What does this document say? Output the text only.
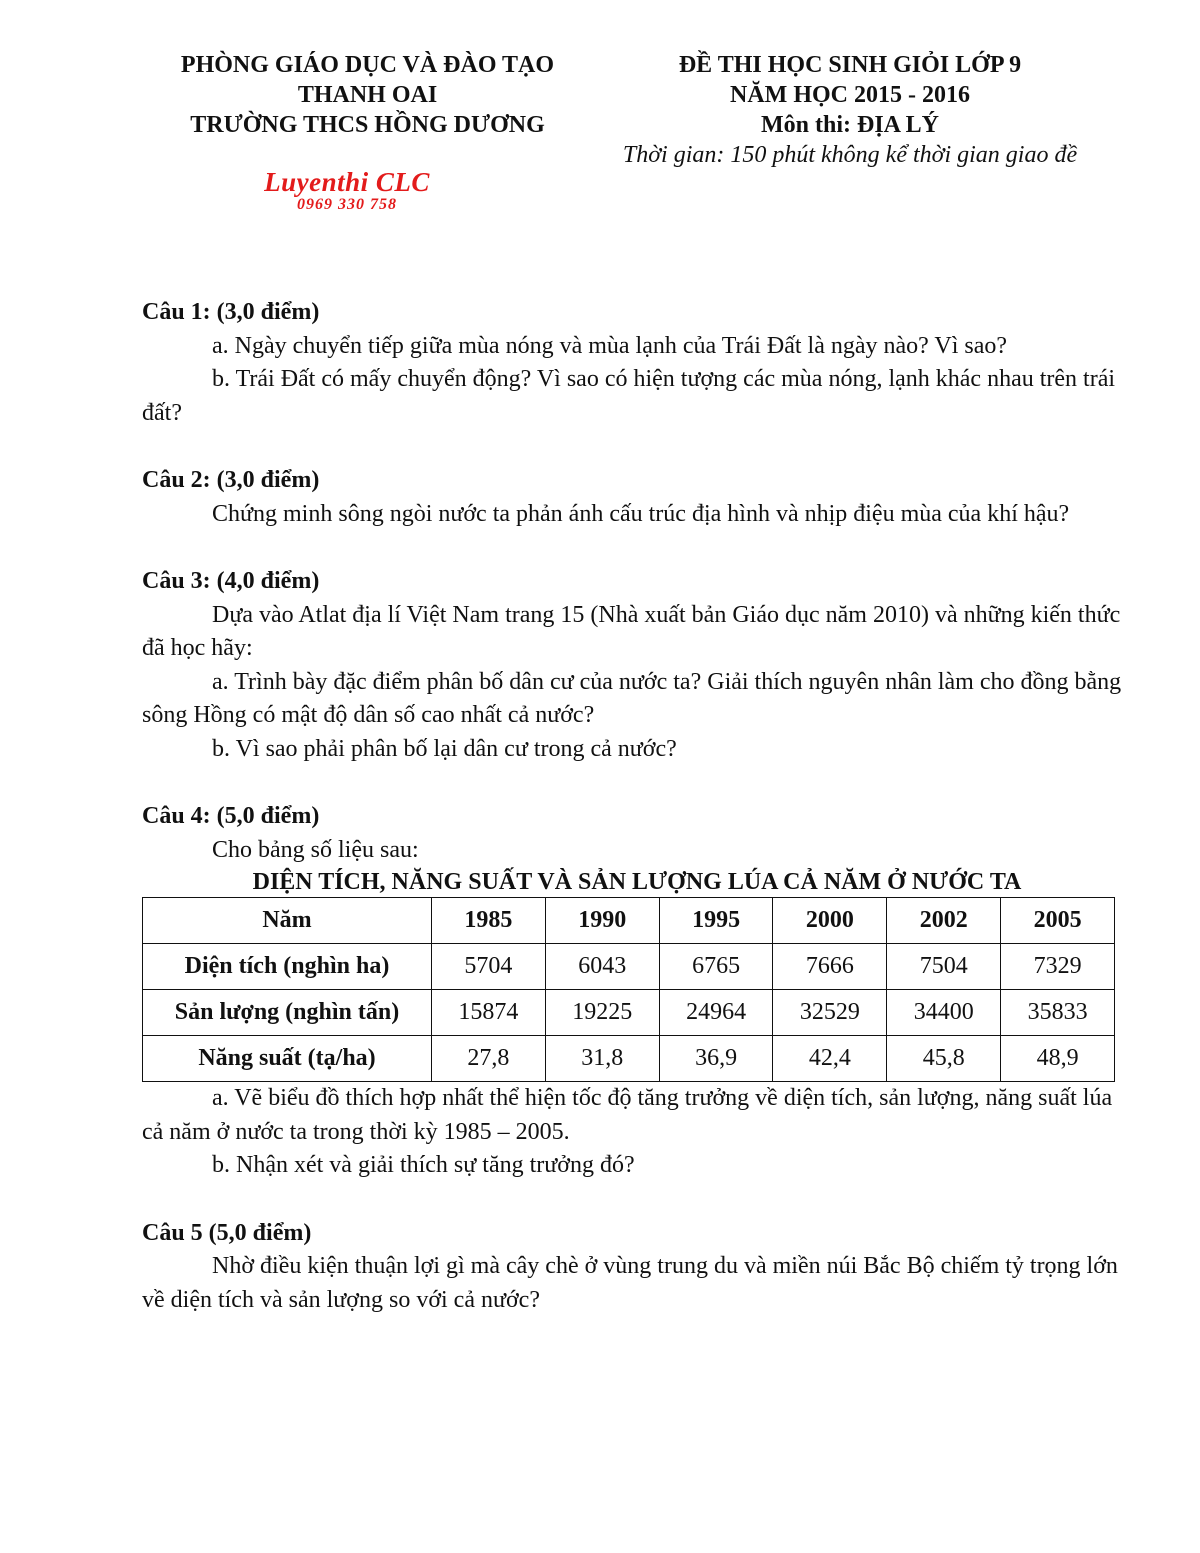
PHÒNG GIÁO DỤC VÀ ĐÀO TẠO
THANH OAI
TRƯỜNG THCS HỒNG DƯƠNG
ĐỀ THI HỌC SINH GIỎI LỚP 9
NĂM HỌC 2015 - 2016
Môn thi: ĐỊA LÝ
Thời gian: 150 phút không kể thời gian giao đề
Luyenthi CLC
0969 330 758

Câu 1: (3,0 điểm)

a. Ngày chuyển tiếp giữa mùa nóng và mùa lạnh của Trái Đất là ngày nào? Vì sao?

b. Trái Đất có mấy chuyển động? Vì sao có hiện tượng các mùa nóng, lạnh khác nhau trên trái đất?

Câu 2: (3,0 điểm)

Chứng minh sông ngòi nước ta phản ánh cấu trúc địa hình và nhịp điệu mùa của khí hậu?

Câu 3: (4,0 điểm)

Dựa vào Atlat địa lí Việt Nam trang 15 (Nhà xuất bản Giáo dục năm 2010) và những kiến thức đã học hãy:

a. Trình bày đặc điểm phân bố dân cư của nước ta? Giải thích nguyên nhân làm cho đồng bằng sông Hồng có mật độ dân số cao nhất cả nước?

b. Vì sao phải phân bố lại dân cư trong cả nước?

Câu 4: (5,0 điểm)

Cho bảng số liệu sau:

DIỆN TÍCH, NĂNG SUẤT VÀ SẢN LƯỢNG LÚA CẢ NĂM Ở NƯỚC TA

Năm	1985	1990	1995	2000	2002	2005
Diện tích (nghìn ha)	5704	6043	6765	7666	7504	7329
Sản lượng (nghìn tấn)	15874	19225	24964	32529	34400	35833
Năng suất (tạ/ha)	27,8	31,8	36,9	42,4	45,8	48,9

a. Vẽ biểu đồ thích hợp nhất thể hiện tốc độ tăng trưởng về diện tích, sản lượng, năng suất lúa cả năm ở nước ta trong thời kỳ 1985 – 2005.

b. Nhận xét và giải thích sự tăng trưởng đó?

Câu 5 (5,0 điểm)

Nhờ điều kiện thuận lợi gì mà cây chè ở vùng trung du và miền núi Bắc Bộ chiếm tỷ trọng lớn về diện tích và sản lượng so với cả nước?
